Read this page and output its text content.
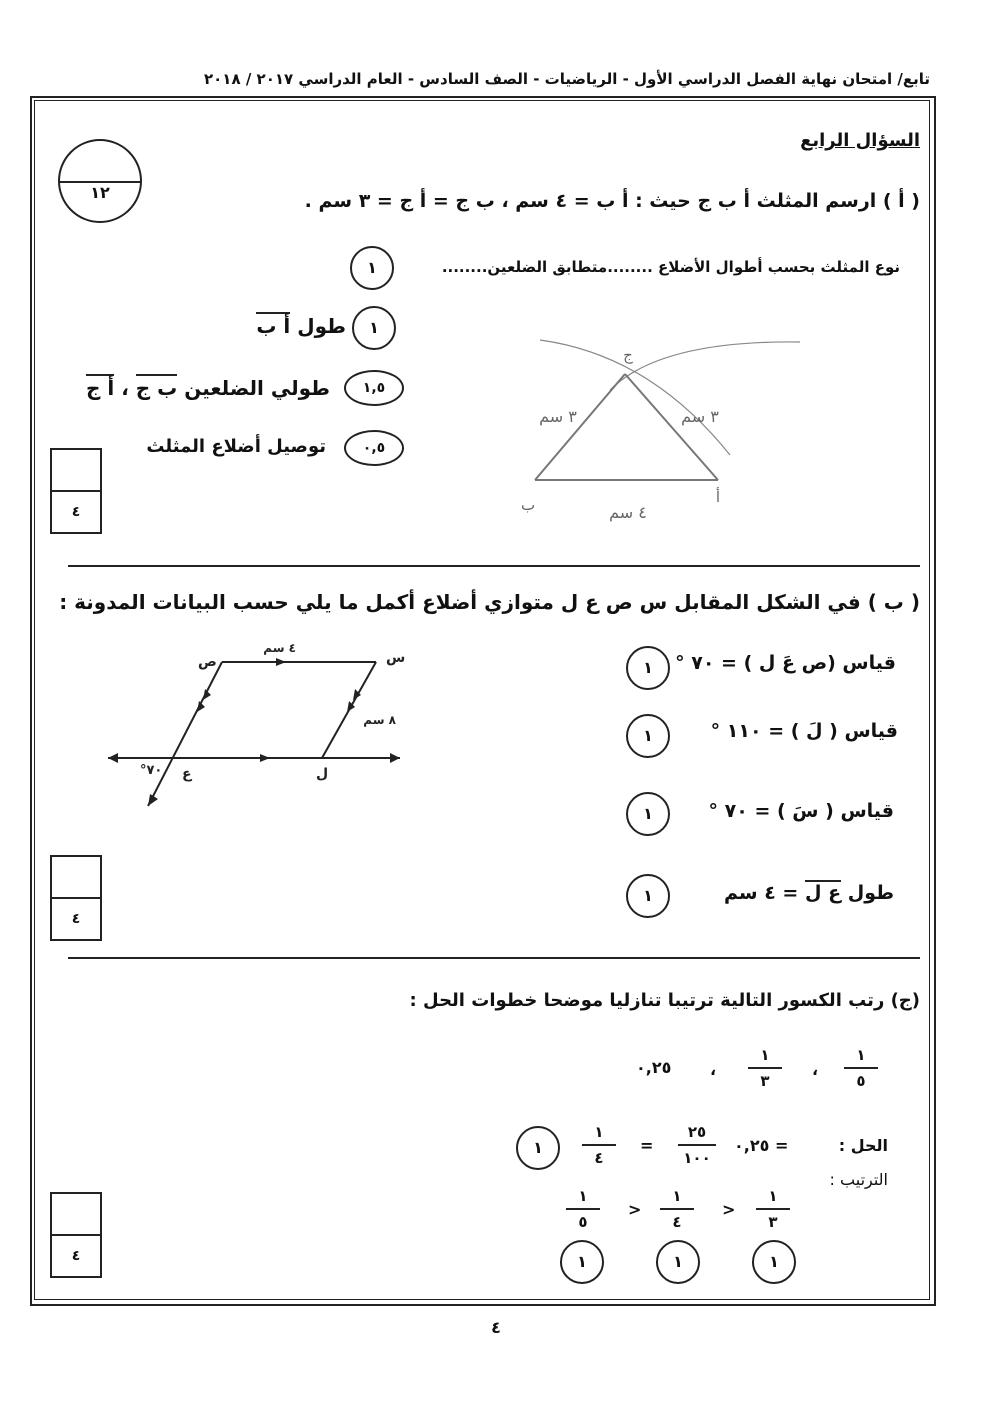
تابع/ امتحان نهاية الفصل الدراسي الأول - الرياضيات - الصف السادس - العام الدراسي ٢٠١٧ / ٢٠١٨
١٢
السؤال الرابع
( أ ) ارسم المثلث أ ب ج حيث : أ ب = ٤ سم ، ب ج = أ ج = ٣ سم .
نوع المثلث بحسب أطوال الأضلاع ........متطابق الضلعين........
١
طول أ ب	١
طولي الضلعين ب ج ، أ ج	١,٥
توصيل أضلاع المثلث	٠,٥
٤
ج
ب	أ
٣ سم	٣ سم
٤ سم
( ب ) في الشكل المقابل س ص ع ل متوازي أضلاع أكمل ما يلي حسب البيانات المدونة :
قياس (ص عَ ل ) = ٧٠ °
١
قياس ( لَ ) = ١١٠ °
١
قياس ( سَ ) = ٧٠ °
١
طول ع ل = ٤ سم
١
٤
س
ص
ع	ل
٤ سم
٨ سم
°٧٠
(ج) رتب الكسور التالية ترتيبا تنازليا موضحا خطوات الحل :
١
٥
،
١
٣
،
٠,٢٥
الحل :
٠,٢٥ =
٢٥
١٠٠
=
١
٤
١
الترتيب :
١
٣
>
١
٤
>
١
٥
١
١
١
٤
٤
